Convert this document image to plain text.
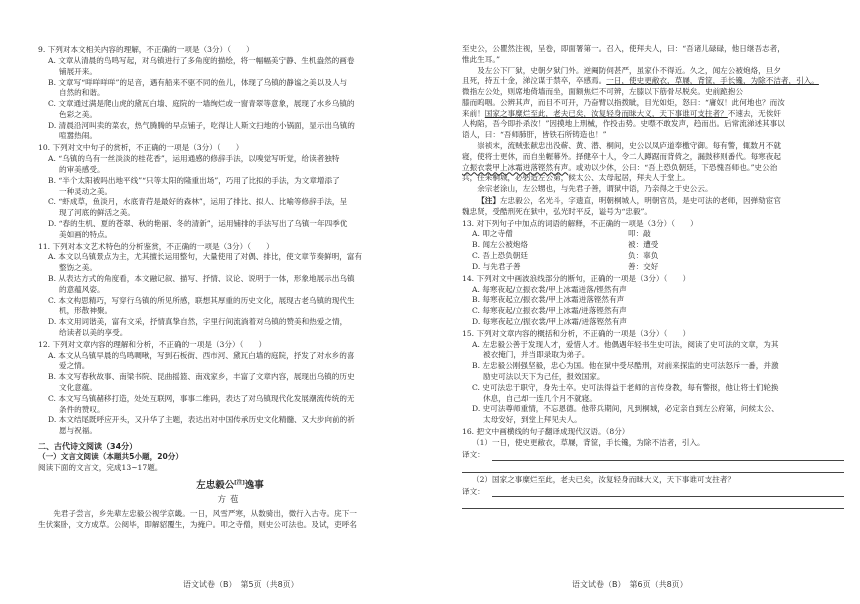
9. 下列对本文相关内容的理解，不正确的一项是（3分）（　　）

A. 文章从清晨的鸟鸣写起，对乌镇进行了多角度的描绘，将一幅幅美宁静、生机盎然的画卷
铺展开来。
B. 文章写“咩咩咩咩”的足音，遇有船来不驱不同的鱼儿，体现了乌镇的静谧之美以及人与
自然的和谐。
C. 文章通过满是爬山虎的黛瓦白墙、庭院的一墙绚烂或一窗青翠等意象，展现了水乡乌镇的
色彩之美。
D. 清晨沿河叫卖的菜农，热气腾腾的早点铺子，吃得让人斯文扫地的小锅面，显示出乌镇的
喧嚣热闹。

10. 下列对文中句子的赏析，不正确的一项是（3分）（　　）

A. “乌镇的乌有一丝淡淡的桂花香”，运用通感的修辞手法，以嗅觉写听觉，给读者独特
的审美感受。
B. “半个太阳被吗出地平线”“只等太阳的隆重出场”，巧用了比拟的手法，为文章增添了
一种灵动之美。
C. “虾成草，鱼淡月，水底青荇是最好的森林”，运用了排比、拟人、比喻等修辞手法，呈
现了河底的鲜活之美。
D. “春的生机、夏的苍翠、秋的艳丽、冬的清新”，运用铺排的手法写出了乌镇一年四季优
美如画的特点。

11. 下列对本文艺术特色的分析鉴赏，不正确的一项是（3分）（　　）

A. 本文以乌镇景点为主，尤其擅长运用整句，大量使用了对偶、排比，使文章节奏鲜明，富有
整饬之美。
B. 从表达方式的角度看，本文融记叙、描写、抒情、议论、说明于一体，形象地展示出乌镇
的意蕴风姿。
C. 本文构思精巧，写穿行乌镇的所见所感，联想其厚重的历史文化，展现古老乌镇的现代生
机，形散神聚。
D. 本文用词谐美，富有文采，抒情真挚自然，字里行间流淌着对乌镇的赞美和热爱之情，
给读者以美的享受。

12. 下列对文章内容的理解和分析，不正确的一项是（3分）（　　）

A. 本文从乌镇早晨的鸟鸣啁啾，写到石板街、西市河、黛瓦白墙的庭院，抒发了对水乡的喜
爱之情。
B. 本文写春秋故事、南梁书院、昆曲摇篮、南戏家乡，丰富了文章内容，展现出乌镇的历史
文化意蕴。
C. 本文写乌镇赭移打造，处处互联网，事事二维码，表达了对乌镇现代化发展潮流传统的无
条件的赞叹。
D. 本文结尾既呼应开头，又升华了主题，表达出对中国传承历史文化精髓、又大步向前的祈
愿与祝福。

二、古代诗文阅读（34分）

（一）文言文阅读（本题共5小题，20分）

阅读下面的文言文，完成13~17题。

左忠毅公[注]逸事

方苞

先君子尝言，乡先辈左忠毅公视学京畿。一日，风雪严寒，从数骑出，微行入古寺。庑下一

生伏案卧，文方成草。公阅毕，即解貂覆生，为掩户。叩之寺僧，则史公可法也。及试，吏呼名

至史公，公瞿然注视，呈卷，即面署第一。召入，使拜夫人，曰：“吾诸儿碌碌，他日继吾志者，

惟此生耳。”

及左公下厂狱，史朝夕狱门外。逆阉防伺甚严，虽家仆不得近。久之，闻左公被炮烙，旦夕

且死，持五十金，涕泣谋于禁卒，卒感焉。一日，使史更敝衣，草屦，背筐，手长镵，为除不洁者，引入。

微指左公处，则席地倚墙而坐，面额焦烂不可辨，左膝以下筋骨尽脱矣。史前跪抱公

膝而呜咽。公辨其声，而目不可开，乃奋臂以指拨眦，目光如炬，怒曰：“庸奴！此何地也？而汝

来前！国家之事糜烂至此，老夫已矣，汝复轻身而昧大义，天下事谁可支拄者？不速去，无俟奸

人构陷，吾今即扑杀汝！”因摸地上刑械，作投击势。史噤不敢发声，趋而出。后常流涕述其事以

语人，曰：“吾师肺肝，皆铁石所铸造也！”

崇祯末，流贼张献忠出没蕲、黄、潜、桐间，史公以凤庐道奉檄守御。每有警，辄数月不就

寝，使将士更休，而自坐幄幕外。择健卒十人，令二人蹲踞而背倚之，漏鼓移则番代。每寒夜起

立振衣裳甲上冰霜迸落铿然有声。或劝以少休，公曰：“吾上恐负朝廷，下恐愧吾师也。”史公治

兵，往来桐城，必躬造左公第，候太公、太母起居，拜夫人于堂上。

余宗老涂山，左公甥也，与先君子善，谓狱中语，乃亲得之于史公云。

【注】左忠毅公，名光斗，字遗直，明朝桐城人，明朝官员，是史可法的老师，因弹劾宦官

魏忠贤，受酷刑死在狱中，弘光时平反，谥号为“忠毅”。

13. 对下列句子中加点的词语的解释，不正确的一项是（3分）（　　）

A. 叩之寺僧	叩：敲
B. 闻左公被炮烙	被：遭受
C. 吾上恐负朝廷	负：辜负
D. 与先君子善	善：交好

14. 下列对文中画波浪线部分的断句，正确的一项是（3分）（　　）

A. 每寒夜起/立振衣裳/甲上冰霜迸落/铿然有声
B. 每寒夜起立/振衣裳/甲上冰霜迸落铿然有声
C. 每寒夜起/立振衣裳/甲上冰霜/迸落铿然有声
D. 每寒夜起立/振衣裳/甲上冰霜/迸落铿然有声

15. 下列对文章内容的概括和分析，不正确的一项是（3分）（　　）

A. 左忠毅公善于发现人才，爱惜人才。他偶遇年轻书生史可法，阅读了史可法的文章，为其
被衣掩门，并当即录取为弟子。
B. 左忠毅公刚强坚毅，忠心为国。他在狱中受尽酷刑，对前来探监的史可法怒斥一番，并激
励史可法以天下为己任，报效国家。
C. 史可法忠于职守，身先士卒。史可法得益于老师的言传身教，每有警报，他让将士们轮换
休息，自己却一连几个月不就寝。
D. 史可法尊师重情，不忘恩德。他带兵期间，凡到桐城，必定亲自到左公府第，问候太公、
太母安好，到堂上拜见夫人。

16. 把文中画横线的句子翻译成现代汉语。（8分）

（1）一日，使史更敝衣，草屦，背筐，手长镵，为除不洁者，引入。

译文：

（2）国家之事糜烂至此，老夫已矣，汝复轻身而昧大义，天下事谁可支拄者？

译文：
语文试卷（B）　第5页（共8页）	语文试卷（B）　第6页（共8页）
